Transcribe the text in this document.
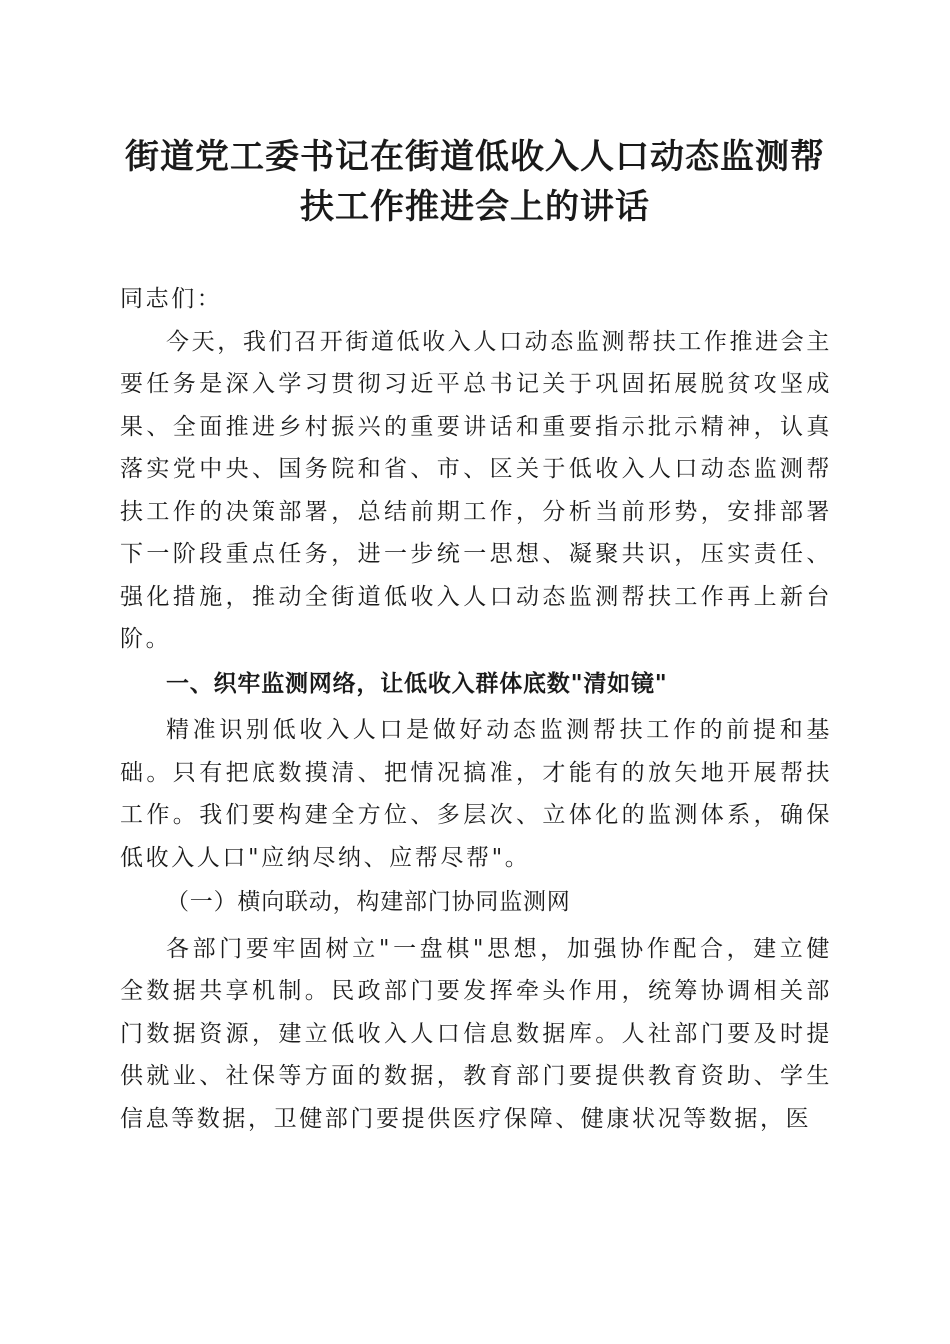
街道党工委书记在街道低收入人口动态监测帮
扶工作推进会上的讲话

同志们：

今天，我们召开街道低收入人口动态监测帮扶工作推进会主要任务是深入学习贯彻习近平总书记关于巩固拓展脱贫攻坚成果、全面推进乡村振兴的重要讲话和重要指示批示精神，认真落实党中央、国务院和省、市、区关于低收入人口动态监测帮扶工作的决策部署，总结前期工作，分析当前形势，安排部署下一阶段重点任务，进一步统一思想、凝聚共识，压实责任、强化措施，推动全街道低收入人口动态监测帮扶工作再上新台阶。

一、织牢监测网络，让低收入群体底数"清如镜"

精准识别低收入人口是做好动态监测帮扶工作的前提和基础。只有把底数摸清、把情况搞准，才能有的放矢地开展帮扶工作。我们要构建全方位、多层次、立体化的监测体系，确保低收入人口"应纳尽纳、应帮尽帮"。

（一）横向联动，构建部门协同监测网

各部门要牢固树立"一盘棋"思想，加强协作配合，建立健全数据共享机制。民政部门要发挥牵头作用，统筹协调相关部门数据资源，建立低收入人口信息数据库。人社部门要及时提供就业、社保等方面的数据，教育部门要提供教育资助、学生信息等数据，卫健部门要提供医疗保障、健康状况等数据，医
